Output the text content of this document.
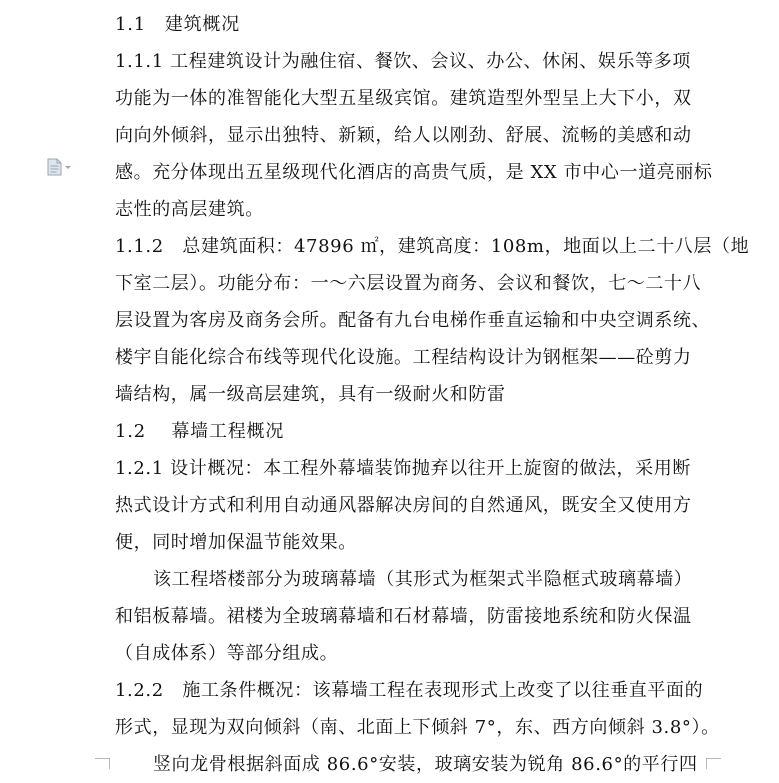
1.1　建筑概况
1.1.1 工程建筑设计为融住宿、餐饮、会议、办公、休闲、娱乐等多项
功能为一体的准智能化大型五星级宾馆。建筑造型外型呈上大下小，双
向向外倾斜，显示出独特、新颖，给人以刚劲、舒展、流畅的美感和动
感。充分体现出五星级现代化酒店的高贵气质，是 XX 市中心一道亮丽标
志性的高层建筑。
1.1.2　总建筑面积：47896 ㎡，建筑高度：108m，地面以上二十八层（地
下室二层）。功能分布：一～六层设置为商务、会议和餐饮，七～二十八
层设置为客房及商务会所。配备有九台电梯作垂直运输和中央空调系统、
楼宇自能化综合布线等现代化设施。工程结构设计为钢框架——砼剪力
墙结构，属一级高层建筑，具有一级耐火和防雷
1.2　 幕墙工程概况
1.2.1 设计概况：本工程外幕墙装饰抛弃以往开上旋窗的做法，采用断
热式设计方式和利用自动通风器解决房间的自然通风，既安全又使用方
便，同时增加保温节能效果。
该工程塔楼部分为玻璃幕墙（其形式为框架式半隐框式玻璃幕墙）
和铝板幕墙。裙楼为全玻璃幕墙和石材幕墙，防雷接地系统和防火保温
（自成体系）等部分组成。
1.2.2　施工条件概况：该幕墙工程在表现形式上改变了以往垂直平面的
形式，显现为双向倾斜（南、北面上下倾斜 7°，东、西方向倾斜 3.8°）。
竖向龙骨根据斜面成 86.6°安装，玻璃安装为锐角 86.6°的平行四
